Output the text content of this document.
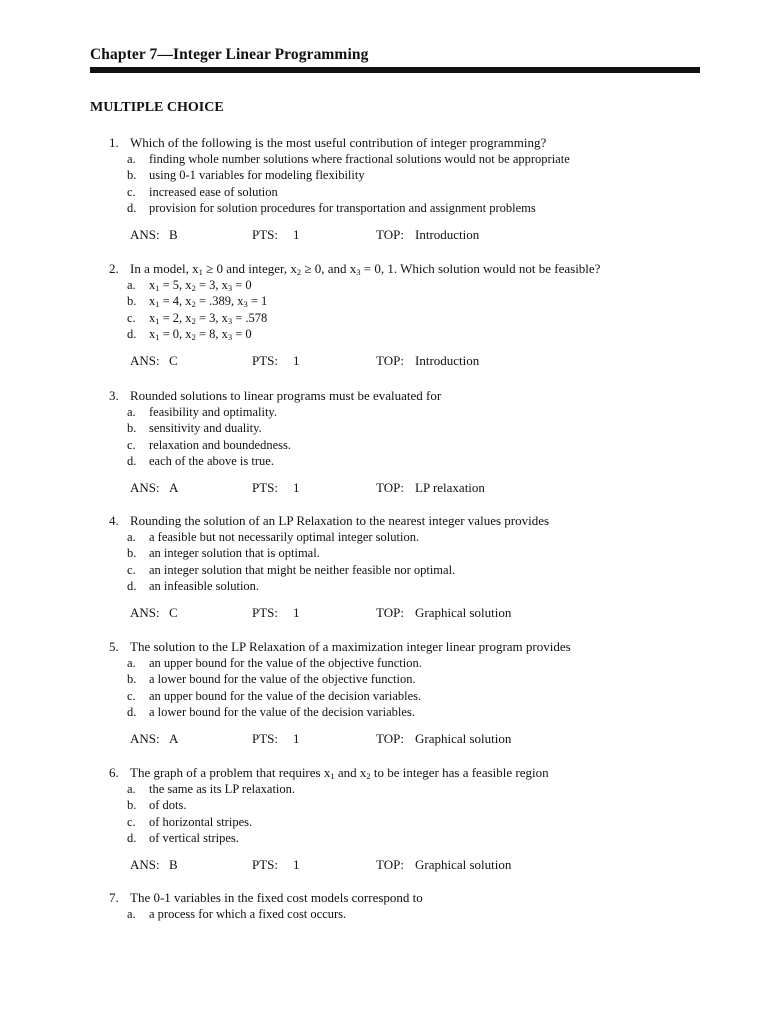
Chapter 7—Integer Linear Programming
MULTIPLE CHOICE
1. Which of the following is the most useful contribution of integer programming?
a. finding whole number solutions where fractional solutions would not be appropriate
b. using 0-1 variables for modeling flexibility
c. increased ease of solution
d. provision for solution procedures for transportation and assignment problems
ANS: B	PTS: 1	TOP: Introduction
2. In a model, $x_1 \ge 0$ and integer, $x_2 \ge 0$, and $x_3 = 0$, 1. Which solution would not be feasible?
a. $x_1 = 5$, $x_2 = 3$, $x_3 = 0$
b. $x_1 = 4$, $x_2 = .389$, $x_3 = 1$
c. $x_1 = 2$, $x_2 = 3$, $x_3 = .578$
d. $x_1 = 0$, $x_2 = 8$, $x_3 = 0$
ANS: C	PTS: 1	TOP: Introduction
3. Rounded solutions to linear programs must be evaluated for
a. feasibility and optimality.
b. sensitivity and duality.
c. relaxation and boundedness.
d. each of the above is true.
ANS: A	PTS: 1	TOP: LP relaxation
4. Rounding the solution of an LP Relaxation to the nearest integer values provides
a. a feasible but not necessarily optimal integer solution.
b. an integer solution that is optimal.
c. an integer solution that might be neither feasible nor optimal.
d. an infeasible solution.
ANS: C	PTS: 1	TOP: Graphical solution
5. The solution to the LP Relaxation of a maximization integer linear program provides
a. an upper bound for the value of the objective function.
b. a lower bound for the value of the objective function.
c. an upper bound for the value of the decision variables.
d. a lower bound for the value of the decision variables.
ANS: A	PTS: 1	TOP: Graphical solution
6. The graph of a problem that requires $x_1$ and $x_2$ to be integer has a feasible region
a. the same as its LP relaxation.
b. of dots.
c. of horizontal stripes.
d. of vertical stripes.
ANS: B	PTS: 1	TOP: Graphical solution
7. The 0-1 variables in the fixed cost models correspond to
a. a process for which a fixed cost occurs.
